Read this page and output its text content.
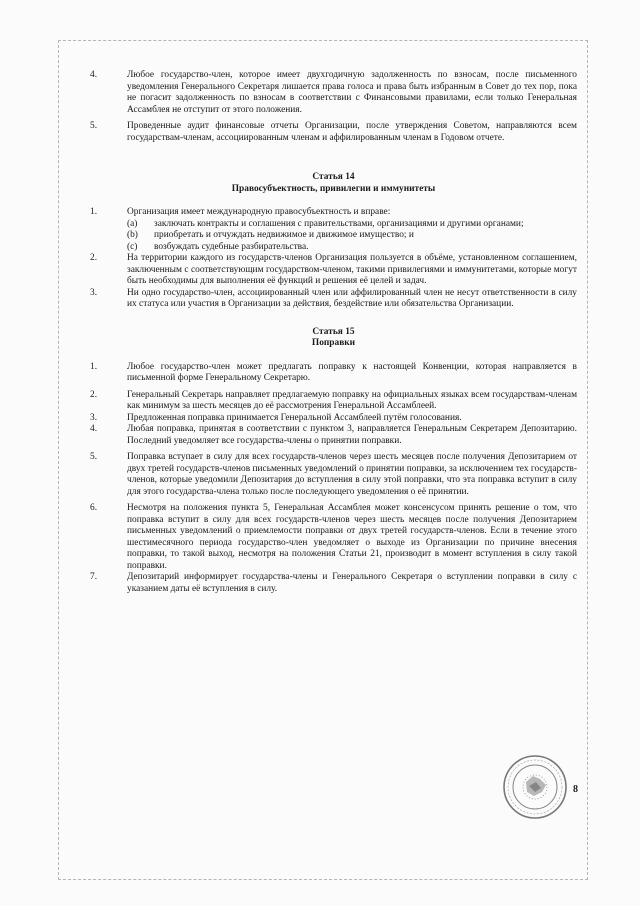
4.	Любое государство-член, которое имеет двухгодичную задолженность по взносам, после письменного уведомления Генерального Секретаря лишается права голоса и права быть избранным в Совет до тех пор, пока не погасит задолженность по взносам в соответствии с Финансовыми правилами, если только Генеральная Ассамблея не отступит от этого положения.
5.	Проведенные аудит финансовые отчеты Организации, после утверждения Советом, направляются всем государствам-членам, ассоциированным членам и аффилированным членам в Годовом отчете.
Статья 14
Правосубъектность, привилегии и иммунитеты
1.	Организация имеет международную правосубъектность и вправе:
(a)	заключать контракты и соглашения с правительствами, организациями и другими органами;
(b)	приобретать и отчуждать недвижимое и движимое имущество; и
(c)	возбуждать судебные разбирательства.
2.	На территории каждого из государств-членов Организация пользуется в объёме, установленном соглашением, заключенным с соответствующим государством-членом, такими привилегиями и иммунитетами, которые могут быть необходимы для выполнения её функций и решения её целей и задач.
3.	Ни одно государство-член, ассоциированный член или аффилированный член не несут ответственности в силу их статуса или участия в Организации за действия, бездействие или обязательства Организации.
Статья 15
Поправки
1.	Любое государство-член может предлагать поправку к настоящей Конвенции, которая направляется в письменной форме Генеральному Секретарю.
2.	Генеральный Секретарь направляет предлагаемую поправку на официальных языках всем государствам-членам как минимум за шесть месяцев до её рассмотрения Генеральной Ассамблеей.
3.	Предложенная поправка принимается Генеральной Ассамблеей путём голосования.
4.	Любая поправка, принятая в соответствии с пунктом 3, направляется Генеральным Секретарем Депозитарию. Последний уведомляет все государства-члены о принятии поправки.
5.	Поправка вступает в силу для всех государств-членов через шесть месяцев после получения Депозитарием от двух третей государств-членов письменных уведомлений о принятии поправки, за исключением тех государств-членов, которые уведомили Депозитария до вступления в силу этой поправки, что эта поправка вступит в силу для этого государства-члена только после последующего уведомления о её принятии.
6.	Несмотря на положения пункта 5, Генеральная Ассамблея может консенсусом принять решение о том, что поправка вступит в силу для всех государств-членов через шесть месяцев после получения Депозитарием письменных уведомлений о приемлемости поправки от двух третей государств-членов. Если в течение этого шестимесячного периода государство-член уведомляет о выходе из Организации по причине внесения поправки, то такой выход, несмотря на положения Статьи 21, производит в момент вступления в силу такой поправки.
7.	Депозитарий информирует государства-члены и Генерального Секретаря о вступлении поправки в силу с указанием даты её вступления в силу.
8
